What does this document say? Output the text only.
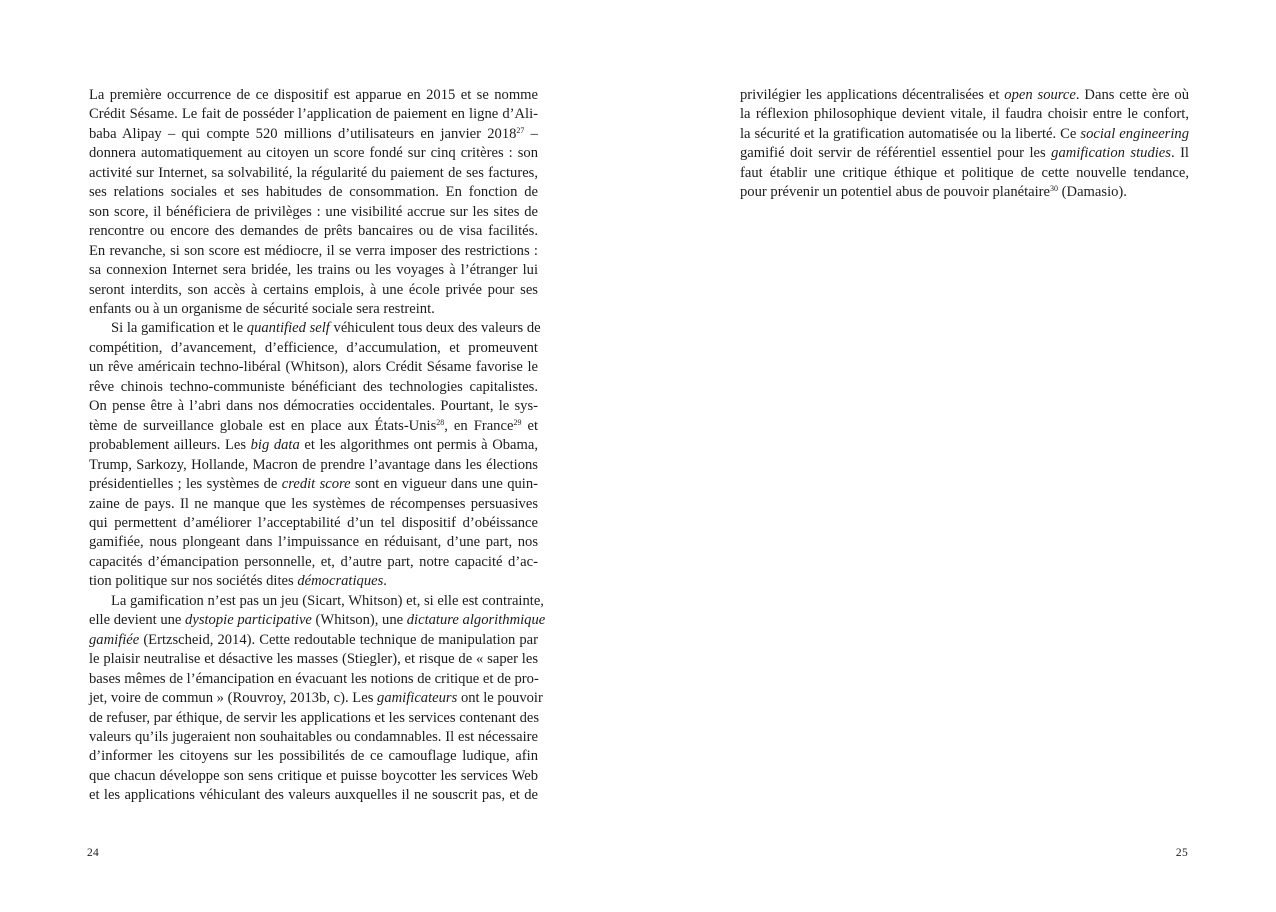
La première occurrence de ce dispositif est apparue en 2015 et se nomme
Crédit Sésame. Le fait de posséder l’application de paiement en ligne d’Ali-
baba Alipay – qui compte 520 millions d’utilisateurs en janvier 2018$^{27}$ –
donnera automatiquement au citoyen un score fondé sur cinq critères : son
activité sur Internet, sa solvabilité, la régularité du paiement de ses factures,
ses relations sociales et ses habitudes de consommation. En fonction de
son score, il bénéficiera de privilèges : une visibilité accrue sur les sites de
rencontre ou encore des demandes de prêts bancaires ou de visa facilités.
En revanche, si son score est médiocre, il se verra imposer des restrictions :
sa connexion Internet sera bridée, les trains ou les voyages à l’étranger lui
seront interdits, son accès à certains emplois, à une école privée pour ses
enfants ou à un organisme de sécurité sociale sera restreint.

Si la gamification et le quantified self véhiculent tous deux des valeurs de
compétition, d’avancement, d’efficience, d’accumulation, et promeuvent
un rêve américain techno-libéral (Whitson), alors Crédit Sésame favorise le
rêve chinois techno-communiste bénéficiant des technologies capitalistes.
On pense être à l’abri dans nos démocraties occidentales. Pourtant, le sys-
tème de surveillance globale est en place aux États-Unis$^{28}$, en France$^{29}$ et
probablement ailleurs. Les big data et les algorithmes ont permis à Obama,
Trump, Sarkozy, Hollande, Macron de prendre l’avantage dans les élections
présidentielles ; les systèmes de credit score sont en vigueur dans une quin-
zaine de pays. Il ne manque que les systèmes de récompenses persuasives
qui permettent d’améliorer l’acceptabilité d’un tel dispositif d’obéissance
gamifiée, nous plongeant dans l’impuissance en réduisant, d’une part, nos
capacités d’émancipation personnelle, et, d’autre part, notre capacité d’ac-
tion politique sur nos sociétés dites démocratiques.

La gamification n’est pas un jeu (Sicart, Whitson) et, si elle est contrainte,
elle devient une dystopie participative (Whitson), une dictature algorithmique
gamifiée (Ertzscheid, 2014). Cette redoutable technique de manipulation par
le plaisir neutralise et désactive les masses (Stiegler), et risque de « saper les
bases mêmes de l’émancipation en évacuant les notions de critique et de pro-
jet, voire de commun » (Rouvroy, 2013b, c). Les gamificateurs ont le pouvoir
de refuser, par éthique, de servir les applications et les services contenant des
valeurs qu’ils jugeraient non souhaitables ou condamnables. Il est nécessaire
d’informer les citoyens sur les possibilités de ce camouflage ludique, afin
que chacun développe son sens critique et puisse boycotter les services Web
et les applications véhiculant des valeurs auxquelles il ne souscrit pas, et de

24

privilégier les applications décentralisées et open source. Dans cette ère où
la réflexion philosophique devient vitale, il faudra choisir entre le confort,
la sécurité et la gratification automatisée ou la liberté. Ce social engineering
gamifié doit servir de référentiel essentiel pour les gamification studies. Il
faut établir une critique éthique et politique de cette nouvelle tendance,
pour prévenir un potentiel abus de pouvoir planétaire$^{30}$ (Damasio).

25
